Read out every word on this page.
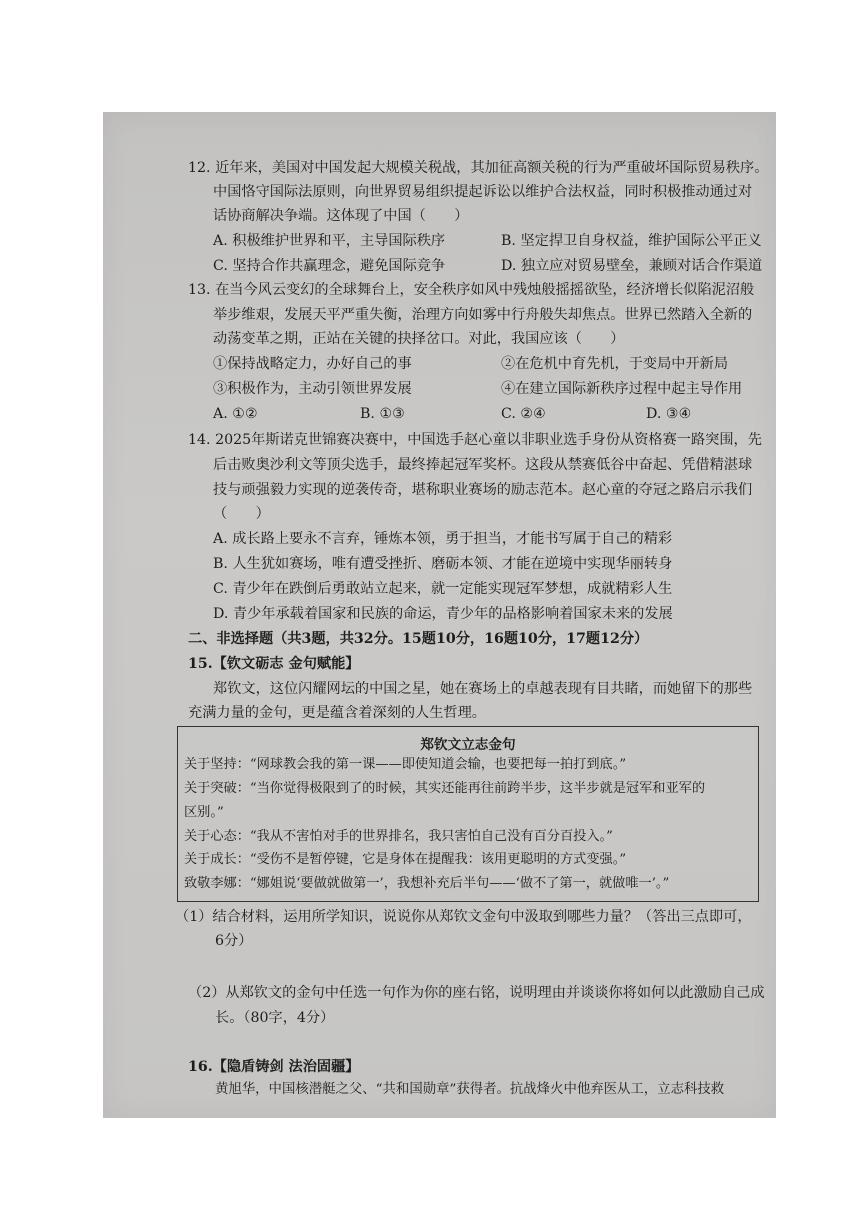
12. 近年来，美国对中国发起大规模关税战，其加征高额关税的行为严重破坏国际贸易秩序。
中国恪守国际法原则，向世界贸易组织提起诉讼以维护合法权益，同时积极推动通过对
话协商解决争端。这体现了中国（　　）
A. 积极维护世界和平，主导国际秩序	B. 坚定捍卫自身权益，维护国际公平正义
C. 坚持合作共赢理念，避免国际竞争	D. 独立应对贸易壁垒，兼顾对话合作渠道
13. 在当今风云变幻的全球舞台上，安全秩序如风中残烛般摇摇欲坠，经济增长似陷泥沼般
举步维艰，发展天平严重失衡，治理方向如雾中行舟般失却焦点。世界已然踏入全新的
动荡变革之期，正站在关键的抉择岔口。对此，我国应该（　　）
①保持战略定力，办好自己的事	②在危机中育先机，于变局中开新局
③积极作为，主动引领世界发展	④在建立国际新秩序过程中起主导作用
A. ①②	B. ①③	C. ②④	D. ③④
14. 2025年斯诺克世锦赛决赛中，中国选手赵心童以非职业选手身份从资格赛一路突围，先
后击败奥沙利文等顶尖选手，最终捧起冠军奖杯。这段从禁赛低谷中奋起、凭借精湛球
技与顽强毅力实现的逆袭传奇，堪称职业赛场的励志范本。赵心童的夺冠之路启示我们
（　　）
A. 成长路上要永不言弃，锤炼本领，勇于担当，才能书写属于自己的精彩
B. 人生犹如赛场，唯有遭受挫折、磨砺本领、才能在逆境中实现华丽转身
C. 青少年在跌倒后勇敢站立起来，就一定能实现冠军梦想，成就精彩人生
D. 青少年承载着国家和民族的命运，青少年的品格影响着国家未来的发展
二、非选择题（共3题，共32分。15题10分，16题10分，17题12分）
15.【钦文砺志 金句赋能】
郑钦文，这位闪耀网坛的中国之星，她在赛场上的卓越表现有目共睹，而她留下的那些
充满力量的金句，更是蕴含着深刻的人生哲理。
郑钦文立志金句
关于坚持：“网球教会我的第一课——即使知道会输，也要把每一拍打到底。”
关于突破：“当你觉得极限到了的时候，其实还能再往前跨半步，这半步就是冠军和亚军的
区别。”
关于心态：“我从不害怕对手的世界排名，我只害怕自己没有百分百投入。”
关于成长：“受伤不是暂停键，它是身体在提醒我：该用更聪明的方式变强。”
致敬李娜：“娜姐说‘要做就做第一’，我想补充后半句——‘做不了第一，就做唯一’。”
（1）结合材料，运用所学知识，说说你从郑钦文金句中汲取到哪些力量？（答出三点即可，
6分）
（2）从郑钦文的金句中任选一句作为你的座右铭，说明理由并谈谈你将如何以此激励自己成
长。（80字，4分）
16.【隐盾铸剑 法治固疆】
黄旭华，中国核潜艇之父、“共和国勋章”获得者。抗战烽火中他弃医从工，立志科技救
